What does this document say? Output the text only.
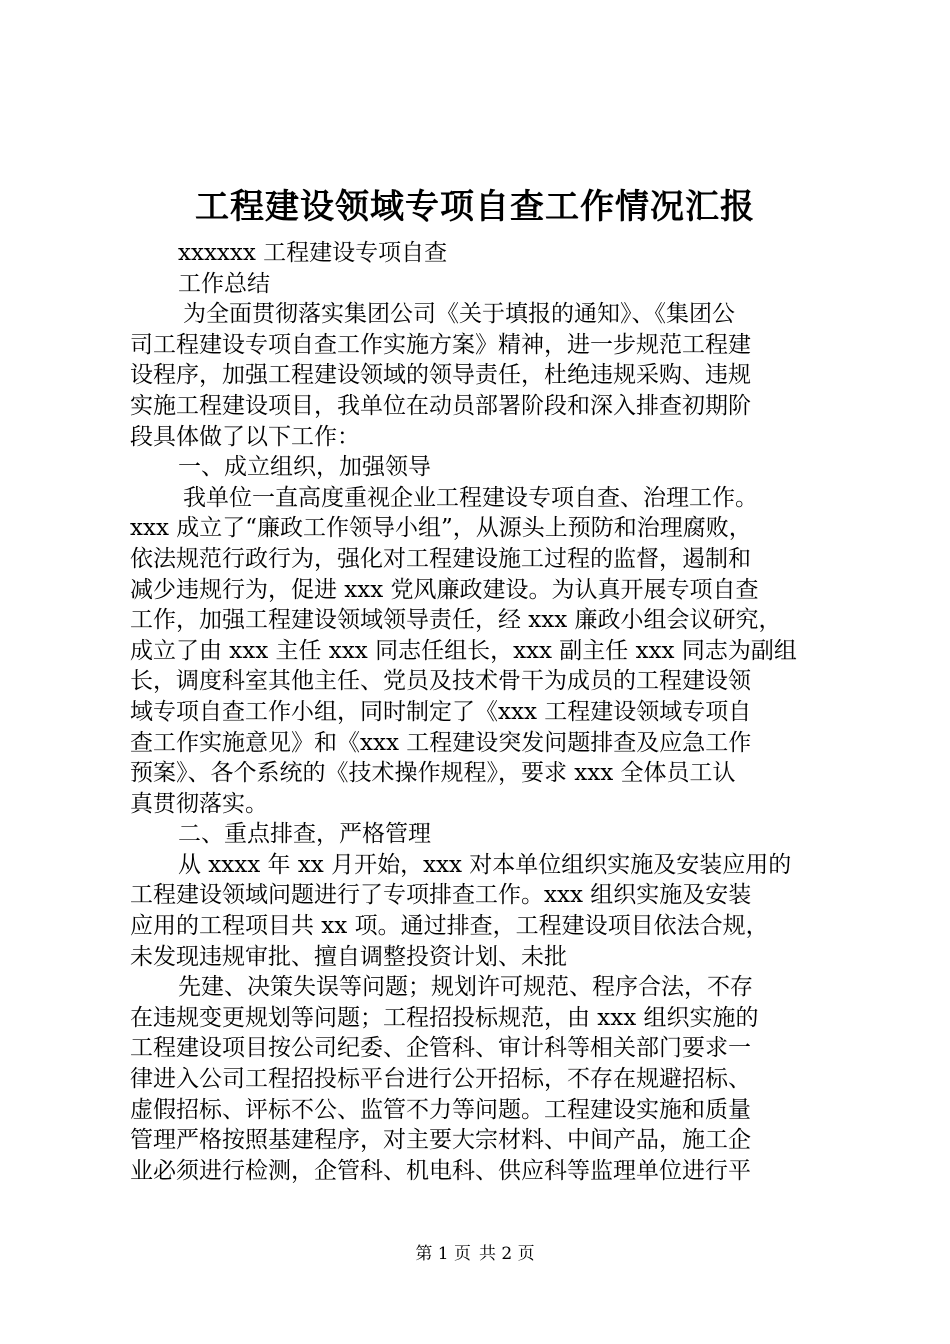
工程建设领域专项自查工作情况汇报
xxxxxx 工程建设专项自查
工作总结
为全面贯彻落实集团公司《关于填报的通知》、《集团公
司工程建设专项自查工作实施方案》精神，进一步规范工程建
设程序，加强工程建设领域的领导责任，杜绝违规采购、违规
实施工程建设项目，我单位在动员部署阶段和深入排查初期阶
段具体做了以下工作：
一、成立组织，加强领导
我单位一直高度重视企业工程建设专项自查、治理工作。
xxx 成立了“廉政工作领导小组”，从源头上预防和治理腐败，
依法规范行政行为，强化对工程建设施工过程的监督，遏制和
减少违规行为，促进 xxx 党风廉政建设。为认真开展专项自查
工作，加强工程建设领域领导责任，经 xxx 廉政小组会议研究，
成立了由 xxx 主任 xxx 同志任组长，xxx 副主任 xxx 同志为副组
长，调度科室其他主任、党员及技术骨干为成员的工程建设领
域专项自查工作小组，同时制定了《xxx 工程建设领域专项自
查工作实施意见》和《xxx 工程建设突发问题排查及应急工作
预案》、各个系统的《技术操作规程》，要求 xxx 全体员工认
真贯彻落实。
二、重点排查，严格管理
从 xxxx 年 xx 月开始，xxx 对本单位组织实施及安装应用的
工程建设领域问题进行了专项排查工作。xxx 组织实施及安装
应用的工程项目共 xx 项。通过排查，工程建设项目依法合规，
未发现违规审批、擅自调整投资计划、未批
先建、决策失误等问题；规划许可规范、程序合法，不存
在违规变更规划等问题；工程招投标规范，由 xxx 组织实施的
工程建设项目按公司纪委、企管科、审计科等相关部门要求一
律进入公司工程招投标平台进行公开招标，不存在规避招标、
虚假招标、评标不公、监管不力等问题。工程建设实施和质量
管理严格按照基建程序，对主要大宗材料、中间产品，施工企
业必须进行检测，企管科、机电科、供应科等监理单位进行平
第 1 页 共 2 页
